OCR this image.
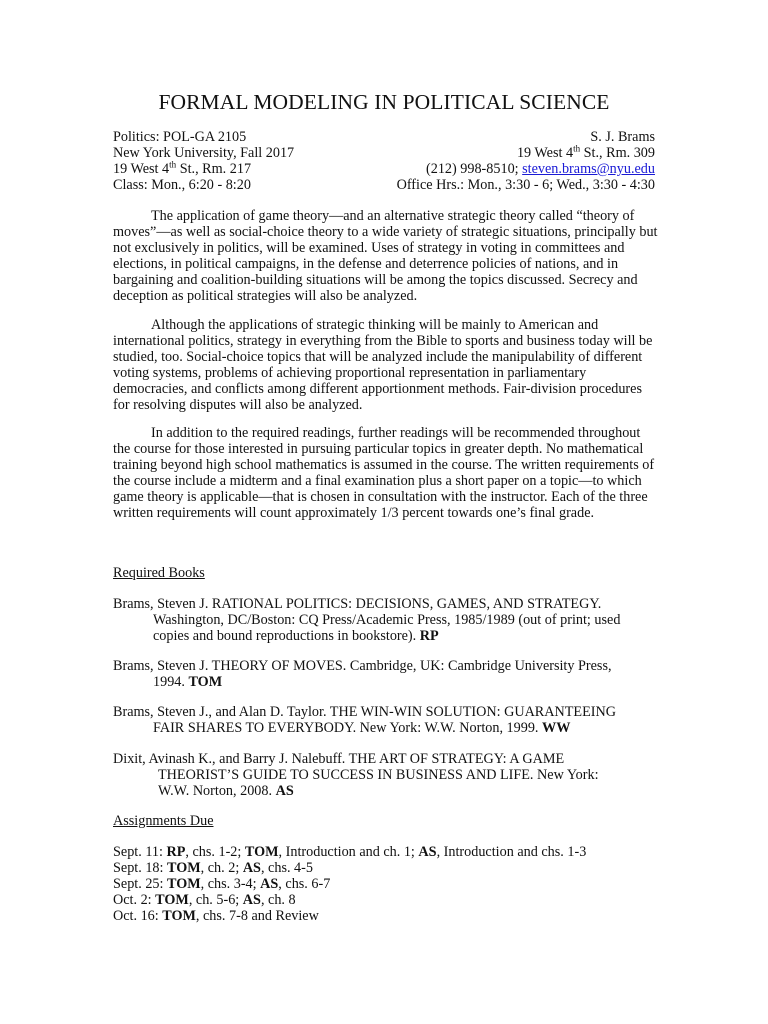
FORMAL MODELING IN POLITICAL SCIENCE
Politics: POL-GA 2105	S. J. Brams
New York University, Fall 2017	19 West 4th St., Rm. 309
19 West 4th St., Rm. 217	(212) 998-8510; steven.brams@nyu.edu
Class: Mon., 6:20 - 8:20	Office Hrs.: Mon., 3:30 - 6; Wed., 3:30 - 4:30

The application of game theory—and an alternative strategic theory called “theory of moves”—as well as social-choice theory to a wide variety of strategic situations, principally but not exclusively in politics, will be examined. Uses of strategy in voting in committees and elections, in political campaigns, in the defense and deterrence policies of nations, and in bargaining and coalition-building situations will be among the topics discussed. Secrecy and deception as political strategies will also be analyzed.

Although the applications of strategic thinking will be mainly to American and international politics, strategy in everything from the Bible to sports and business today will be studied, too. Social-choice topics that will be analyzed include the manipulability of different voting systems, problems of achieving proportional representation in parliamentary democracies, and conflicts among different apportionment methods. Fair-division procedures for resolving disputes will also be analyzed.

In addition to the required readings, further readings will be recommended throughout the course for those interested in pursuing particular topics in greater depth. No mathematical training beyond high school mathematics is assumed in the course. The written requirements of the course include a midterm and a final examination plus a short paper on a topic—to which game theory is applicable—that is chosen in consultation with the instructor. Each of the three written requirements will count approximately 1/3 percent towards one’s final grade.

Required Books
Brams, Steven J. RATIONAL POLITICS: DECISIONS, GAMES, AND STRATEGY.
Washington, DC/Boston: CQ Press/Academic Press, 1985/1989 (out of print; used
copies and bound reproductions in bookstore). RP
Brams, Steven J. THEORY OF MOVES. Cambridge, UK: Cambridge University Press,
1994. TOM
Brams, Steven J., and Alan D. Taylor. THE WIN-WIN SOLUTION: GUARANTEEING
FAIR SHARES TO EVERYBODY. New York: W.W. Norton, 1999. WW
Dixit, Avinash K., and Barry J. Nalebuff. THE ART OF STRATEGY: A GAME
THEORIST’S GUIDE TO SUCCESS IN BUSINESS AND LIFE. New York:
W.W. Norton, 2008. AS
Assignments Due
Sept. 11: RP, chs. 1-2; TOM, Introduction and ch. 1; AS, Introduction and chs. 1-3
Sept. 18: TOM, ch. 2; AS, chs. 4-5
Sept. 25: TOM, chs. 3-4; AS, chs. 6-7
Oct. 2: TOM, ch. 5-6; AS, ch. 8
Oct. 16: TOM, chs. 7-8 and Review
